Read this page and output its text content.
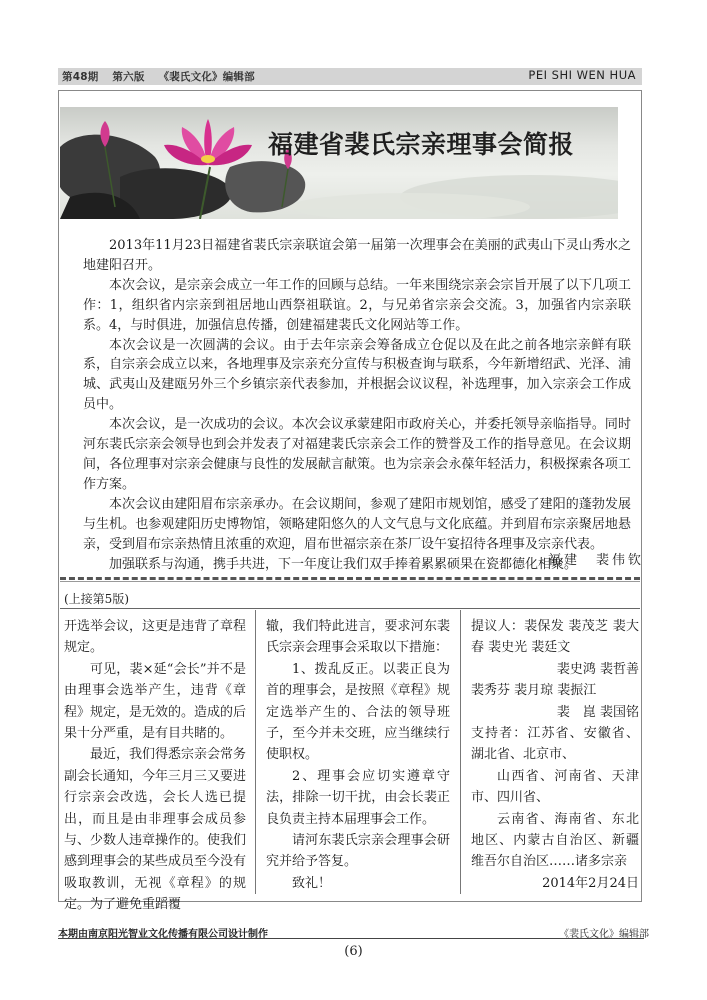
第48期 第六版 《裴氏文化》编辑部	PEI SHI WEN HUA
福建省裴氏宗亲理事会简报

2013年11月23日福建省裴氏宗亲联谊会第一届第一次理事会在美丽的武夷山下灵山秀水之地建阳召开。

本次会议，是宗亲会成立一年工作的回顾与总结。一年来围绕宗亲会宗旨开展了以下几项工作：1，组织省内宗亲到祖居地山西祭祖联谊。2，与兄弟省宗亲会交流。3，加强省内宗亲联系。4，与时俱进，加强信息传播，创建福建裴氏文化网站等工作。

本次会议是一次圆满的会议。由于去年宗亲会筹备成立仓促以及在此之前各地宗亲鲜有联系，自宗亲会成立以来，各地理事及宗亲充分宣传与积极查询与联系，今年新增绍武、光泽、浦城、武夷山及建瓯另外三个乡镇宗亲代表参加，并根据会议议程，补选理事，加入宗亲会工作成员中。

本次会议，是一次成功的会议。本次会议承蒙建阳市政府关心，并委托领导亲临指导。同时河东裴氏宗亲会领导也到会并发表了对福建裴氏宗亲会工作的赞誉及工作的指导意见。在会议期间，各位理事对宗亲会健康与良性的发展献言献策。也为宗亲会永葆年轻活力，积极探索各项工作方案。

本次会议由建阳眉布宗亲承办。在会议期间，参观了建阳市规划馆，感受了建阳的蓬勃发展与生机。也参观建阳历史博物馆，领略建阳悠久的人文气息与文化底蕴。并到眉布宗亲聚居地悬亲，受到眉布宗亲热情且浓重的欢迎，眉布世福宗亲在茶厂设午宴招待各理事及宗亲代表。

加强联系与沟通，携手共进，下一年度让我们双手捧着累累硕果在瓷都德化相聚。

福建　裴伟钦
(上接第5版)

开选举会议，这更是违背了章程规定。

可见，裴×延“会长”并不是由理事会选举产生，违背《章程》规定，是无效的。造成的后果十分严重，是有目共睹的。

最近，我们得悉宗亲会常务副会长通知，今年三月三又要进行宗亲会改选，会长人选已提出，而且是由非理事会成员参与、少数人违章操作的。使我们感到理事会的某些成员至今没有吸取教训，无视《章程》的规定。为了避免重蹈覆

辙，我们特此进言，要求河东裴氏宗亲会理事会采取以下措施：

1、拨乱反正。以裴正良为首的理事会，是按照《章程》规定选举产生的、合法的领导班子，至今并未交班，应当继续行使职权。

2、理事会应切实遵章守法，排除一切干扰，由会长裴正良负责主持本届理事会工作。

请河东裴氏宗亲会理事会研究并给予答复。

致礼！

提议人：裴保发 裴茂芝 裴大春 裴史光 裴廷文

裴史鸿 裴哲善

裴秀芬 裴月琼 裴振江

裴　崑 裴国铭

支持者：江苏省、安徽省、湖北省、北京市、

山西省、河南省、天津市、四川省、

云南省、海南省、东北地区、内蒙古自治区、新疆维吾尔自治区……诸多宗亲

2014年2月24日

本期由南京阳光智业文化传播有限公司设计制作	《裴氏文化》编辑部
(6)
